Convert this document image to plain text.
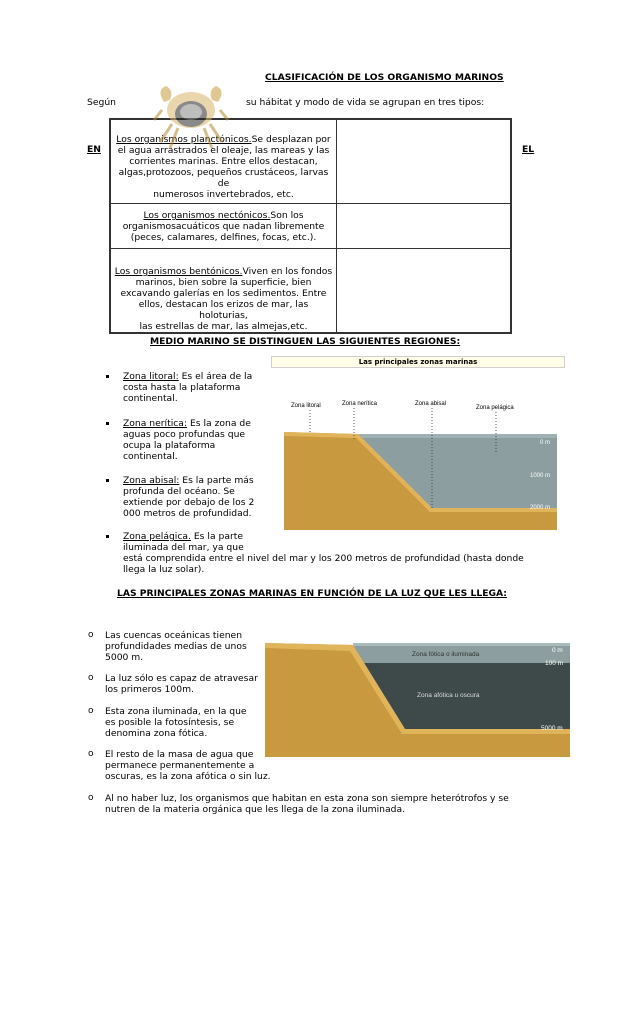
CLASIFICACIÓN DE LOS ORGANISMO MARINOS
Según	su hábitat y modo de vida se agrupan en tres tipos:
EN	EL
Los organismos planctónicos.Se desplazan por
el agua arrastrados el oleaje, las mareas y las
corrientes marinas. Entre ellos destacan,
algas,protozoos, pequeños crustáceos, larvas de
numerosos invertebrados, etc.
Los organismos nectónicos.Son los
organismosacuáticos que nadan libremente
(peces, calamares, delfines, focas, etc.).
Los organismos bentónicos.Viven en los fondos
marinos, bien sobre la superficie, bien
excavando galerías en los sedimentos. Entre
ellos, destacan los erizos de mar, las holoturias,
las estrellas de mar, las almejas,etc.
MEDIO MARINO SE DISTINGUEN LAS SIGUIENTES REGIONES:
Zona litoral: Es el área de la
costa hasta la plataforma
continental.
Zona nerítica: Es la zona de
aguas poco profundas que
ocupa la plataforma
continental.
Zona abisal: Es la parte más
profunda del océano. Se
extiende por debajo de los 2
000 metros de profundidad.
Zona pelágica. Es la parte
iluminada del mar, ya que
está comprendida entre el nivel del mar y los 200 metros de profundidad (hasta donde
llega la luz solar).
Las principales zonas marinas
Zona litoral	Zona nerítica	Zona abisal
Zona pelágica
0 m
1000 m
2000 m
LAS PRINCIPALES ZONAS MARINAS EN FUNCIÓN DE LA LUZ QUE LES LLEGA:
o Las cuencas oceánicas tienen
profundidades medias de unos
5000 m.
o La luz sólo es capaz de atravesar
los primeros 100m.
o Esta zona iluminada, en la que
es posible la fotosíntesis, se
denomina zona fótica.
o El resto de la masa de agua que
permanece permanentemente a
oscuras, es la zona afótica o sin luz.
o Al no haber luz, los organismos que habitan en esta zona son siempre heterótrofos y se
nutren de la materia orgánica que les llega de la zona iluminada.
Zona fótica o iluminada
Zona afótica u oscura
0 m
100 m
5000 m
